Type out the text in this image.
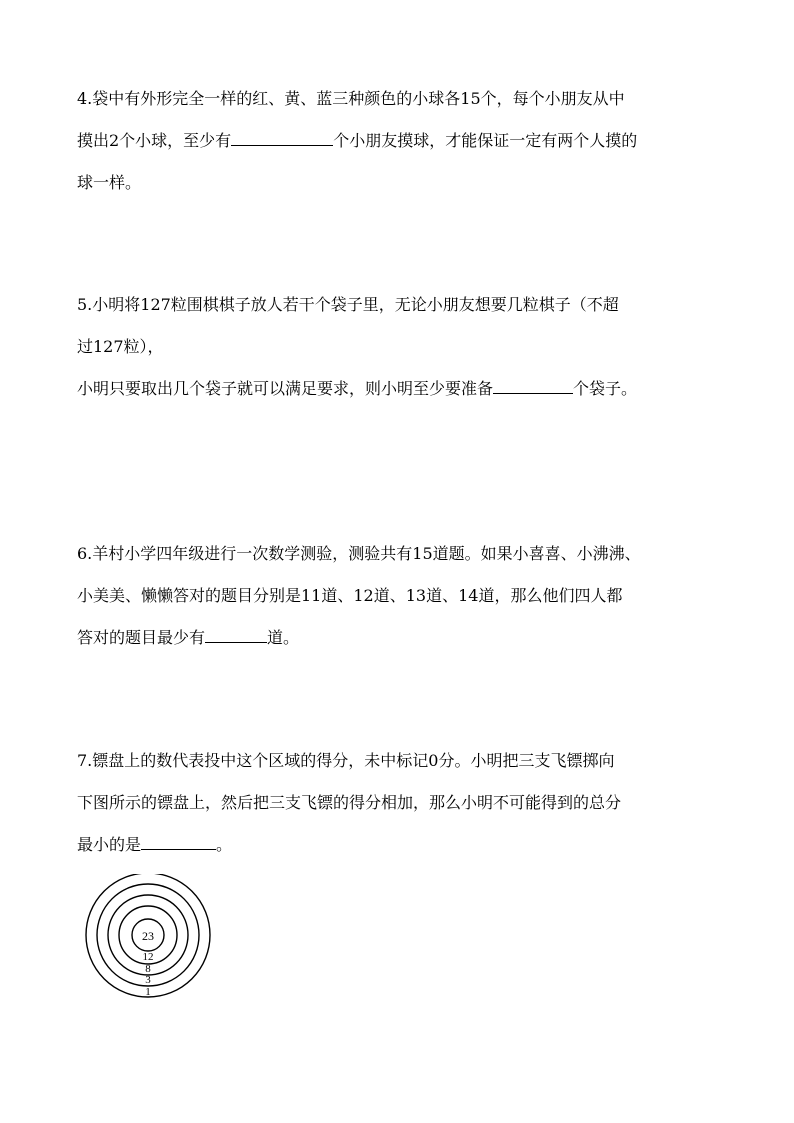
4.袋中有外形完全一样的红、黄、蓝三种颜色的小球各15个，每个小朋友从中
摸出2个小球，至少有	个小朋友摸球，才能保证一定有两个人摸的
球一样。
5.小明将127粒围棋棋子放人若干个袋子里，无论小朋友想要几粒棋子（不超
过127粒），
小明只要取出几个袋子就可以满足要求，则小明至少要准备	个袋子。
6.羊村小学四年级进行一次数学测验，测验共有15道题。如果小喜喜、小沸沸、
小美美、懒懒答对的题目分别是11道、12道、13道、14道，那么他们四人都
答对的题目最少有	道。
7.镖盘上的数代表投中这个区域的得分，未中标记0分。小明把三支飞镖掷向
下图所示的镖盘上，然后把三支飞镖的得分相加，那么小明不可能得到的总分
最小的是	。
23
12
8
3
1
